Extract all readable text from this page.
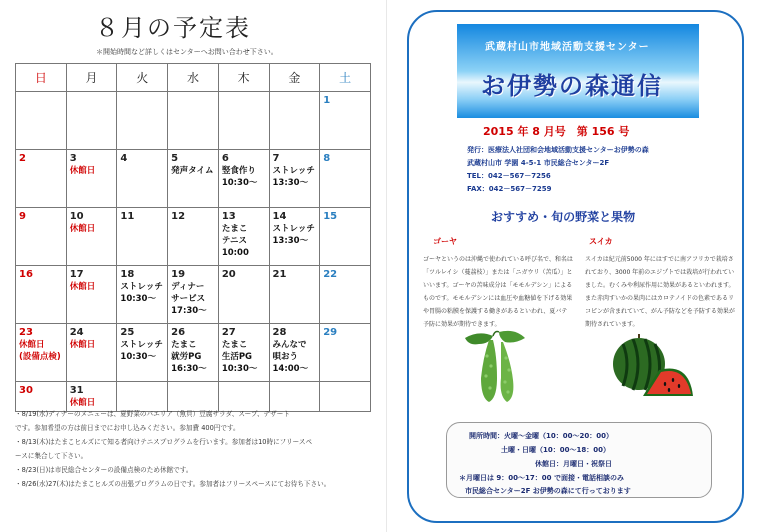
８月の予定表
＊開始時間など詳しくはセンターへお問い合わせ下さい。
日	月	火	水	木	金	土

						1

2	3
休館日	4	5
発声タイム	6
竪食作り
10:30～	7
ストレッチ
13:30～	8

9	10
休館日	11	12	13
たまこ
テニス
10:00	14
ストレッチ
13:30～	15

16	17
休館日	18
ストレッチ
10:30～	19
ディナー
サービス
17:30～	20	21	22

23
休館日
(設備点検)	24
休館日	25
ストレッチ
10:30～	26
たまこ
就労PG
16:30～	27
たまこ
生活PG
10:30～	28
みんなで
唄おう
14:00～	29

30	31
休館日					

・8/19(水)ディナーのメニューは、夏野菜のパエリア（魚貝）豆腐サラダ、スープ、デザート
です。参加希望の方は前日までにお申し込みください。参加費 400円です。
・8/13(木)はたまこヒルズにて知る者向けテニスプログラムを行います。参加者は10時にフリースペ
ースに集合して下さい。
・8/23(日)は市民総合センターの設備点検のため休館です。
・8/26(水)27(木)はたまこヒルズの出張プログラムの日です。参加者はフリースペースにてお待ち下さい。
武蔵村山市地域活動支援センター
お伊勢の森通信
2015 年 8 月号　第 156 号
発行：医療法人社団和会地域活動支援センターお伊勢の森
武蔵村山市 学園 4-5-1 市民総合センター2F
TEL：042－567－7256
FAX：042－567－7259
おすすめ・旬の野菜と果物
ゴーヤ
ゴーヤというのは沖縄で使われている呼び名で、和名は「ツルレイシ（蔓茘枝）」または「ニガウリ（苦瓜）」といいます。ゴーヤの苦味成分は「モモルデシン」によるものです。モモルデシンには血圧や血糖値を下げる効果や胃腸の粘膜を保護する働きがあるといわれ、夏バテ予防に効果が期待できます。
スイカ
スイカは紀元前5000 年にはすでに南アフリカで栽培されており、3000 年前のエジプトでは栽培が行われていました。むくみや利尿作用に効果があるといわれます。また赤肉すいかの果肉にはカロテノイドの色素であるリコピンが含まれていて、がん予防などを予防する効果が期待されています。
開所時間：火曜～金曜（10：00～20：00）
土曜・日曜（10：00～18：00）
休館日：月曜日・祝祭日
＊月曜日は 9：00～17：00 で面接・電話相談のみ
市民総合センター2F お伊勢の森にて行っております
